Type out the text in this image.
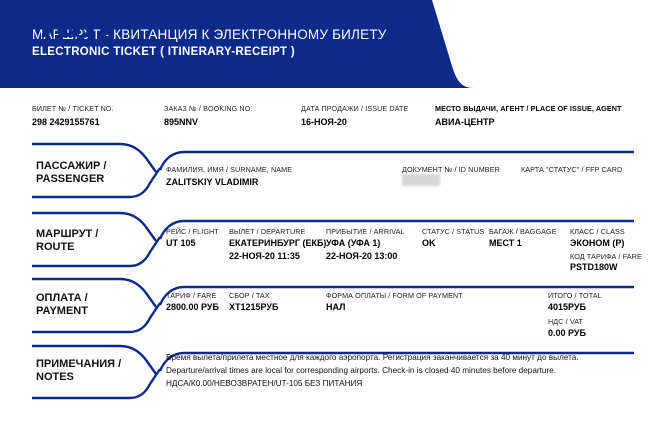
МАРШРУТ - КВИТАНЦИЯ К ЭЛЕКТРОННОМУ БИЛЕТУ
ELECTRONIC TICKET ( ITINERARY-RECEIPT )
UTair
БИЛЕТ № / TICKET NO.
298 2429155761
ЗАКАЗ № / BOOKING NO.
895NNV
ДАТА ПРОДАЖИ / ISSUE DATE
16-НОЯ-20
МЕСТО ВЫДАЧИ, АГЕНТ / PLACE OF ISSUE, AGENT
АВИА-ЦЕНТР
ПАССАЖИР /
PASSENGER
ФАМИЛИЯ, ИМЯ / SURNAME, NAME
ZALITSKIY VLADIMIR
ДОКУМЕНТ № / ID NUMBER	КАРТА "СТАТУС" / FFP CARD
МАРШРУТ /
ROUTE
РЕЙС / FLIGHT
UT 105
ВЫЛЕТ / DEPARTURE
ЕКАТЕРИНБУРГ (ЕКБ)
22-НОЯ-20 11:35
ПРИБЫТИЕ / ARRIVAL
УФА (УФА 1)
22-НОЯ-20 13:00
СТАТУС / STATUS
OK
БАГАЖ / BAGGAGE
МЕСТ 1
КЛАСС / CLASS
ЭКОНОМ (Р)
КОД ТАРИФА / FARE
PSTD180W
ОПЛАТА /
PAYMENT
ТАРИФ / FARE
2800.00 РУБ
СБОР / TAX
XT1215РУБ
ФОРМА ОПЛАТЫ / FORM OF PAYMENT
НАЛ
ИТОГО / TOTAL
4015РУБ
НДС / VAT
0.00 РУБ
ПРИМЕЧАНИЯ /
NOTES
Время вылета/прилета местное для каждого аэропорта. Регистрация заканчивается за 40 минут до вылета.
Departure/arrival times are local for corresponding airports. Check-in is closed 40 minutes before departure.
НДСА/К0.00/НЕВОЗВРАТЕН/UT-105 БЕЗ ПИТАНИЯ
